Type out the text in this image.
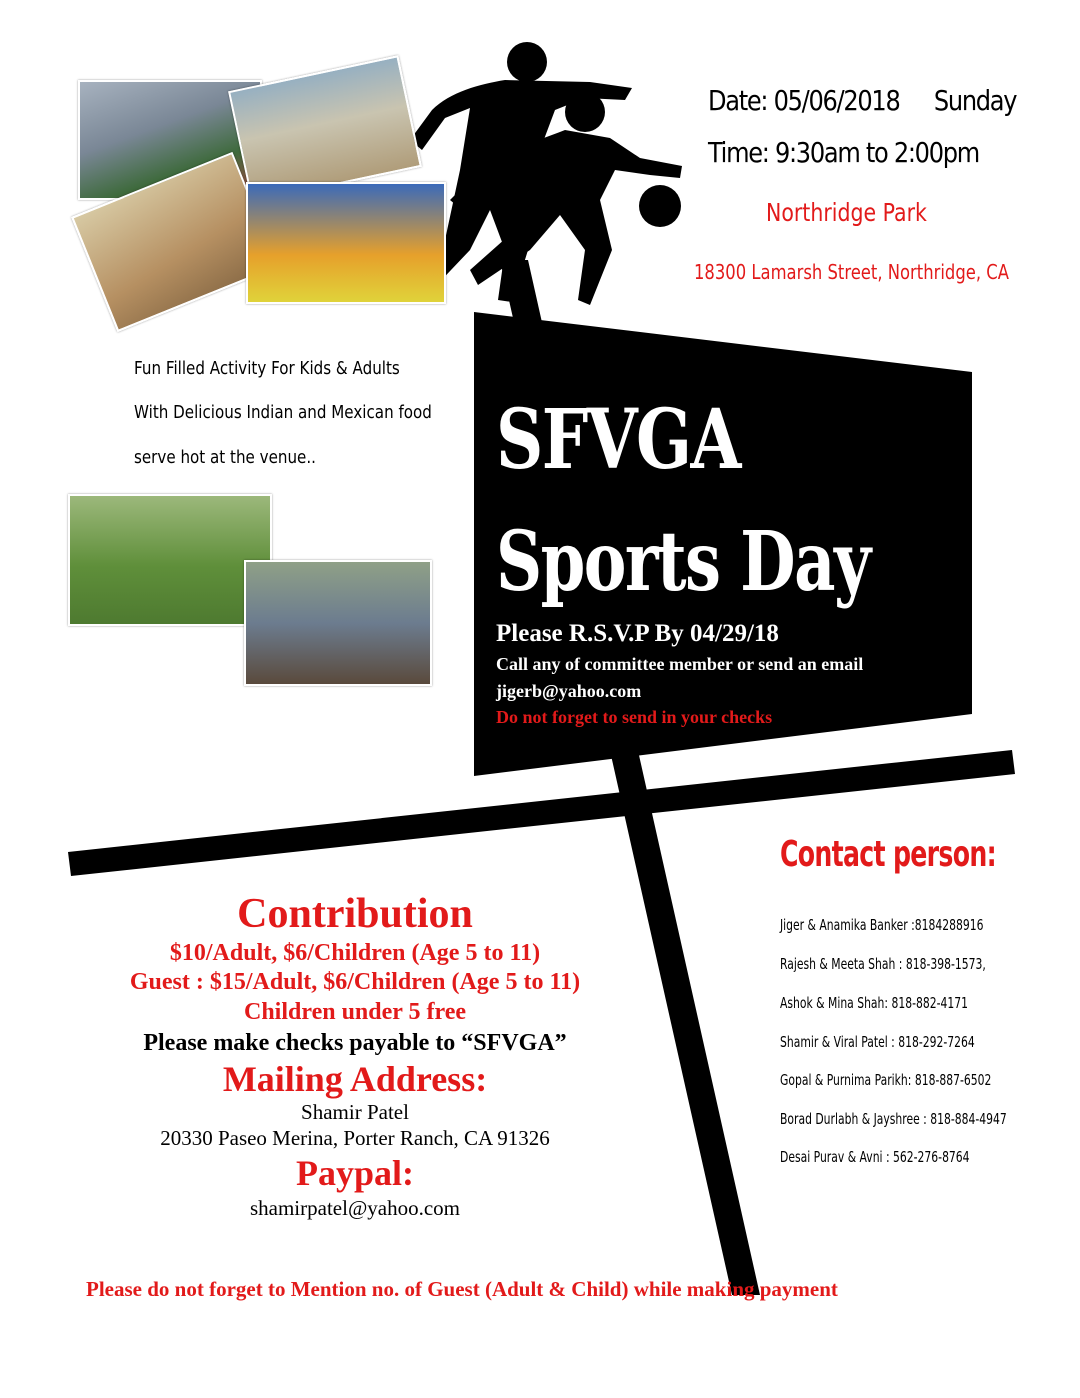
Date: 05/06/2018 Sunday
Time: 9:30am to 2:00pm
Northridge Park
18300 Lamarsh Street, Northridge, CA
Fun Filled Activity For Kids & Adults
With Delicious Indian and Mexican food
serve hot at the venue.. SFVGA
Sports Day
Please R.S.V.P By 04/29/18
Call any of committee member or send an email
jigerb@yahoo.com
Do not forget to send in your checks
Contribution
$10/Adult, $6/Children (Age 5 to 11)
Guest : $15/Adult, $6/Children (Age 5 to 11)
Children under 5 free
Please make checks payable to “SFVGA”
Mailing Address:
Shamir Patel
20330 Paseo Merina, Porter Ranch, CA 91326
Paypal:
shamirpatel@yahoo.com
Contact person:
Jiger & Anamika Banker :8184288916
Rajesh & Meeta Shah : 818-398-1573,
Ashok & Mina Shah: 818-882-4171
Shamir & Viral Patel : 818-292-7264
Gopal & Purnima Parikh: 818-887-6502
Borad Durlabh & Jayshree : 818-884-4947
Desai Purav & Avni : 562-276-8764
Please do not forget to Mention no. of Guest (Adult & Child) while making payment
